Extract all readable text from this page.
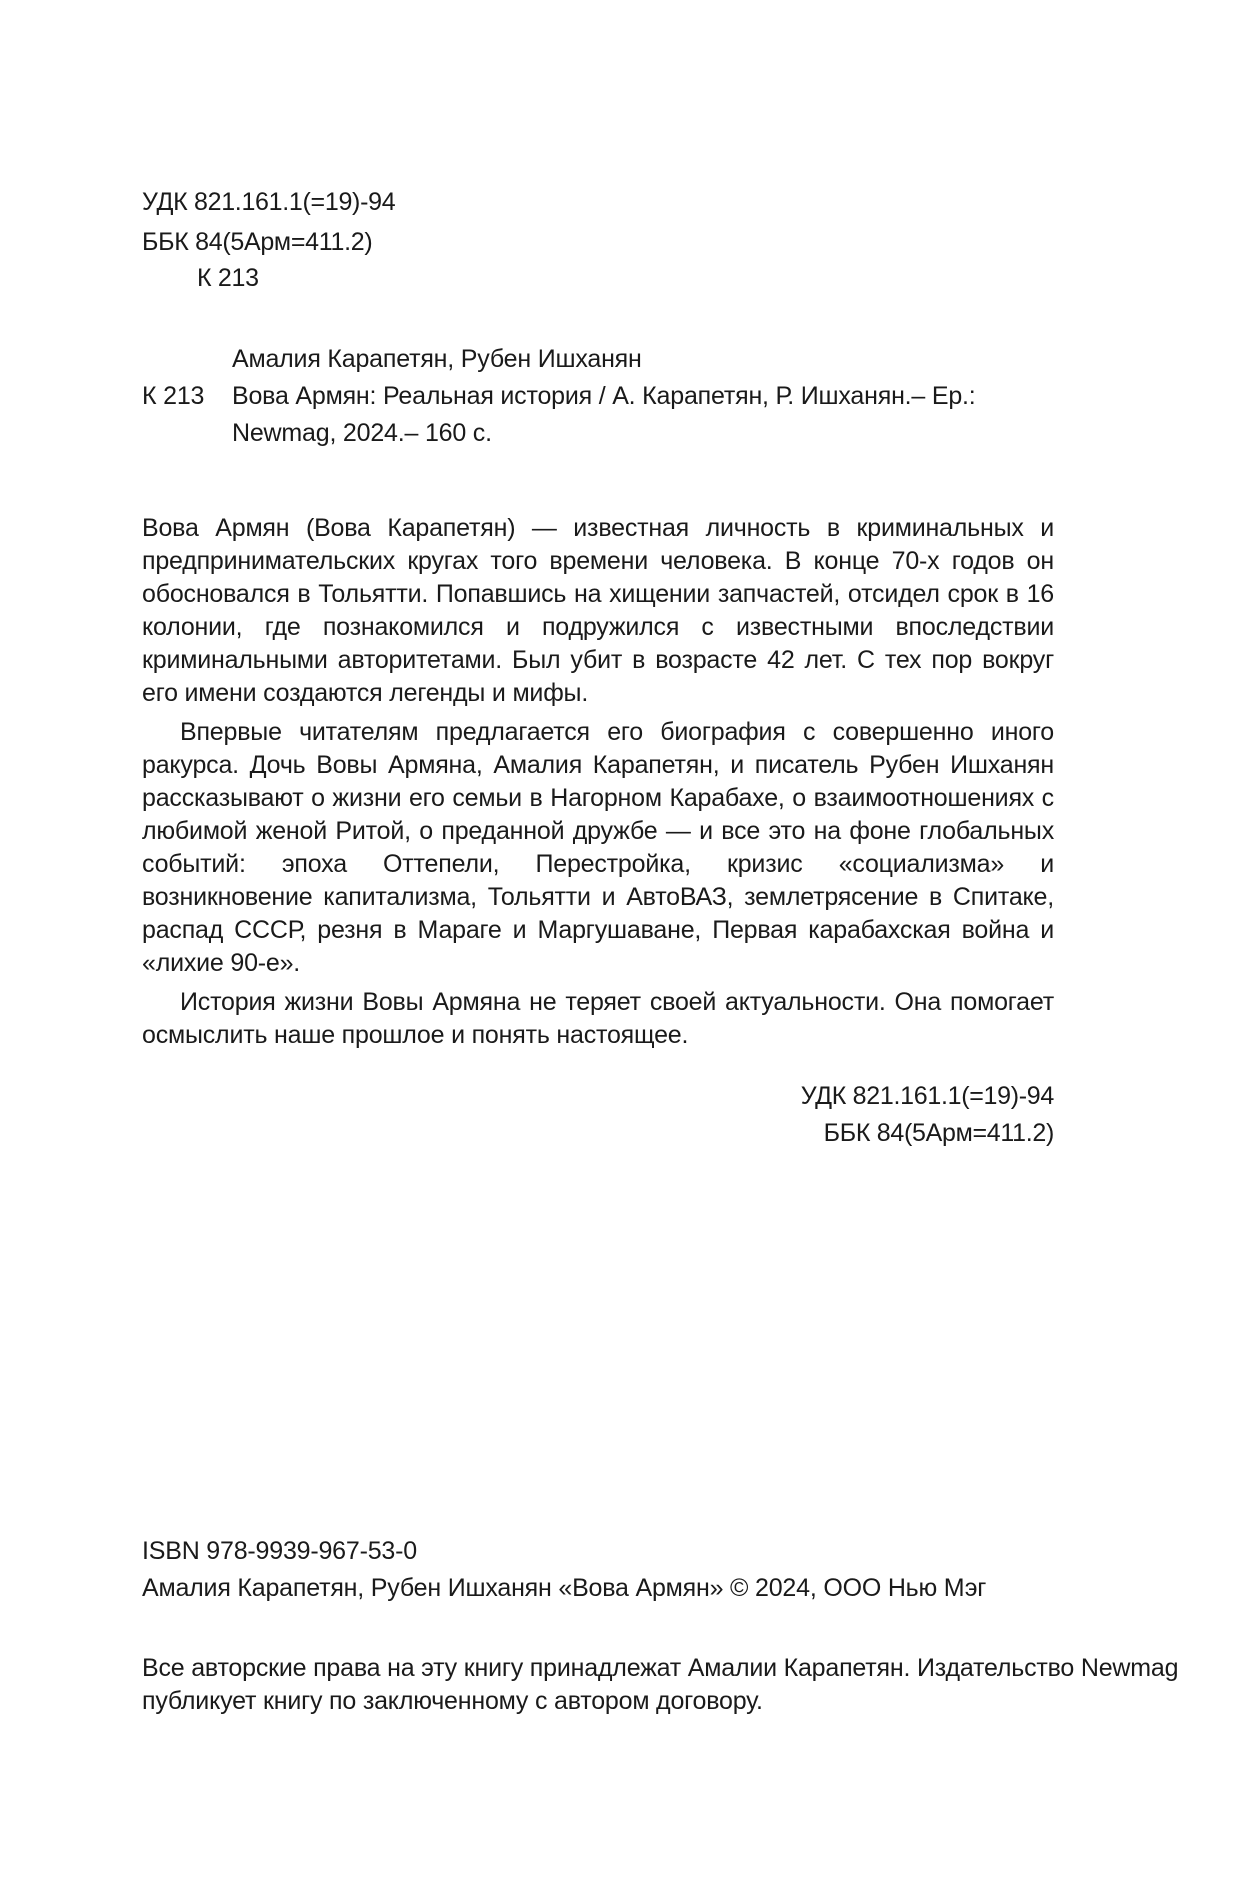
УДК 821.161.1(=19)-94
ББК 84(5Арм=411.2)
К 213
Амалия Карапетян, Рубен Ишханян
К 213 Вова Армян: Реальная история / А. Карапетян, Р. Ишханян.– Ер.:
Newmag, 2024.– 160 с.

Вова Армян (Вова Карапетян) — известная личность в криминальных и предпринимательских кругах того времени человека. В конце 70-х годов он обосновался в Тольятти. Попавшись на хищении запчастей, отсидел срок в 16 колонии, где познакомился и подружился с известными впоследствии криминальными авторитетами. Был убит в возрасте 42 лет. С тех пор вокруг его имени создаются легенды и мифы.

Впервые читателям предлагается его биография с совершенно иного ракурса. Дочь Вовы Армяна, Амалия Карапетян, и писатель Рубен Ишханян рассказывают о жизни его семьи в Нагорном Карабахе, о взаимоотношениях с любимой женой Ритой, о преданной дружбе — и все это на фоне глобальных событий: эпоха Оттепели, Перестройка, кризис «социализма» и возникновение капитализма, Тольятти и АвтоВАЗ, землетрясение в Спитаке, распад СССР, резня в Мараге и Маргушаване, Первая карабахская война и «лихие 90-е».

История жизни Вовы Армяна не теряет своей актуальности. Она помогает осмыслить наше прошлое и понять настоящее.

УДК 821.161.1(=19)-94
ББК 84(5Арм=411.2)
ISBN 978-9939-967-53-0
Амалия Карапетян, Рубен Ишханян «Вова Армян» © 2024, ООО Нью Мэг
Все авторские права на эту книгу принадлежат Амалии Карапетян. Издательство Newmag публикует книгу по заключенному с автором договору.
